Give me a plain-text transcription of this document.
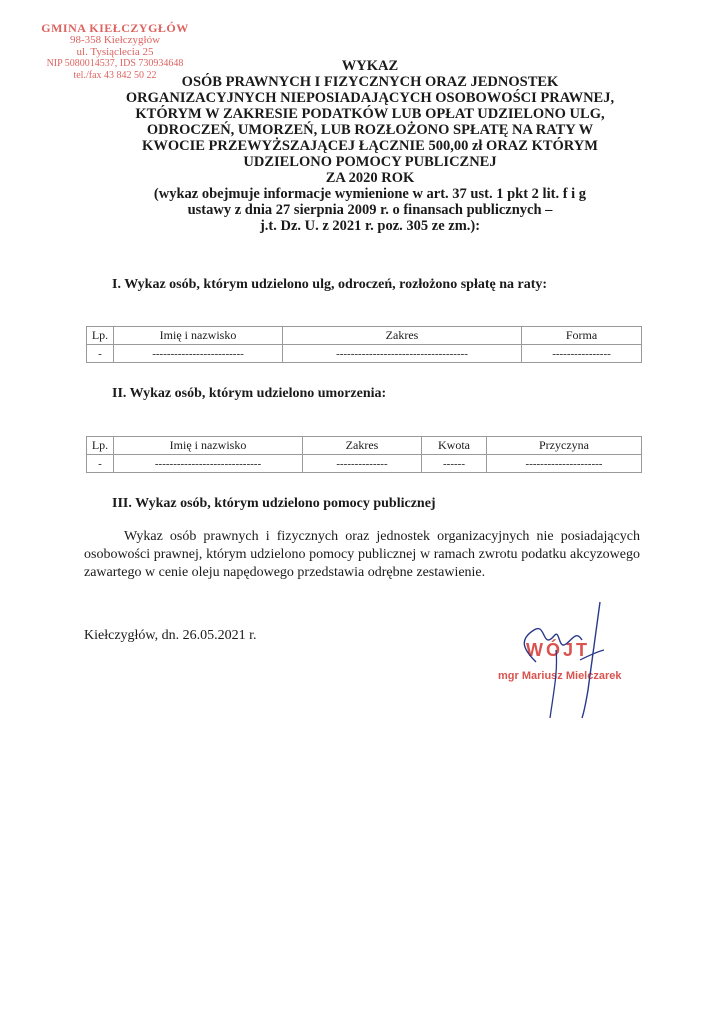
GMINA KIEŁCZYGŁÓW
98-358 Kiełczygłów
ul. Tysiąclecia 25
NIP 5080014537, IDS 730934648
tel./fax 43 842 50 22
WYKAZ
OSÓB PRAWNYCH I FIZYCZNYCH ORAZ JEDNOSTEK
ORGANIZACYJNYCH NIEPOSIADAJĄCYCH OSOBOWOŚCI PRAWNEJ,
KTÓRYM W ZAKRESIE PODATKÓW LUB OPŁAT UDZIELONO ULG,
ODROCZEŃ, UMORZEŃ, LUB ROZŁOŻONO SPŁATĘ NA RATY W
KWOCIE PRZEWYŻSZAJĄCEJ ŁĄCZNIE 500,00 zł ORAZ KTÓRYM
UDZIELONO POMOCY PUBLICZNEJ
ZA 2020 ROK
(wykaz obejmuje informacje wymienione w art. 37 ust. 1 pkt 2 lit. f i g
ustawy z dnia 27 sierpnia 2009 r. o finansach publicznych –
j.t. Dz. U. z 2021 r. poz. 305 ze zm.):
I. Wykaz osób, którym udzielono ulg, odroczeń, rozłożono spłatę na raty:
Lp.	Imię i nazwisko	Zakres	Forma
-	-------------------------	------------------------------------	----------------
II. Wykaz osób, którym udzielono umorzenia:
Lp.	Imię i nazwisko	Zakres	Kwota	Przyczyna
-	-----------------------------	--------------	------	---------------------
III. Wykaz osób, którym udzielono pomocy publicznej
Wykaz osób prawnych i fizycznych oraz jednostek organizacyjnych nie posiadających osobowości prawnej, którym udzielono pomocy publicznej w ramach zwrotu podatku akcyzowego zawartego w cenie oleju napędowego przedstawia odrębne zestawienie.
Kiełczygłów, dn. 26.05.2021 r.
WÓJT
mgr Mariusz Mielczarek
